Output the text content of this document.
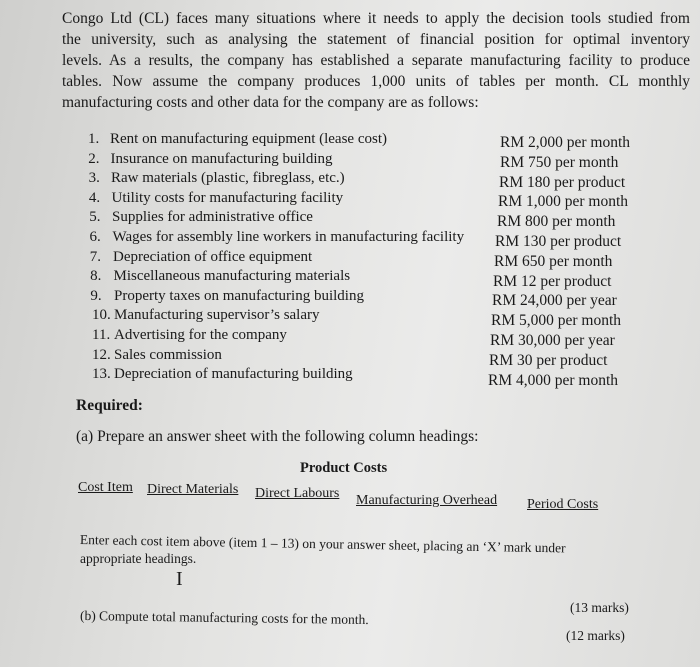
Congo Ltd (CL) faces many situations where it needs to apply the decision tools studied from
the university, such as analysing the statement of financial position for optimal inventory
levels. As a results, the company has established a separate manufacturing facility to produce
tables. Now assume the company produces 1,000 units of tables per month. CL monthly
manufacturing costs and other data for the company are as follows:
1. Rent on manufacturing equipment (lease cost)	RM 2,000 per month
2. Insurance on manufacturing building	RM 750 per month
3. Raw materials (plastic, fibreglass, etc.)	RM 180 per product
4. Utility costs for manufacturing facility	RM 1,000 per month
5. Supplies for administrative office	RM 800 per month
6. Wages for assembly line workers in manufacturing facility RM 130 per product
7. Depreciation of office equipment	RM 650 per month
8. Miscellaneous manufacturing materials	RM 12 per product
9. Property taxes on manufacturing building	RM 24,000 per year
10. Manufacturing supervisor’s salary	RM 5,000 per month
11. Advertising for the company	RM 30,000 per year
12. Sales commission	RM 30 per product
13. Depreciation of manufacturing building	RM 4,000 per month
Required:
(a) Prepare an answer sheet with the following column headings:
Product Costs
Cost Item Direct Materials Direct Labours Manufacturing Overhead Period Costs
Enter each cost item above (item 1 – 13) on your answer sheet, placing an ‘X’ mark under
appropriate headings.
I
(13 marks)
(b) Compute total manufacturing costs for the month.
(12 marks)
